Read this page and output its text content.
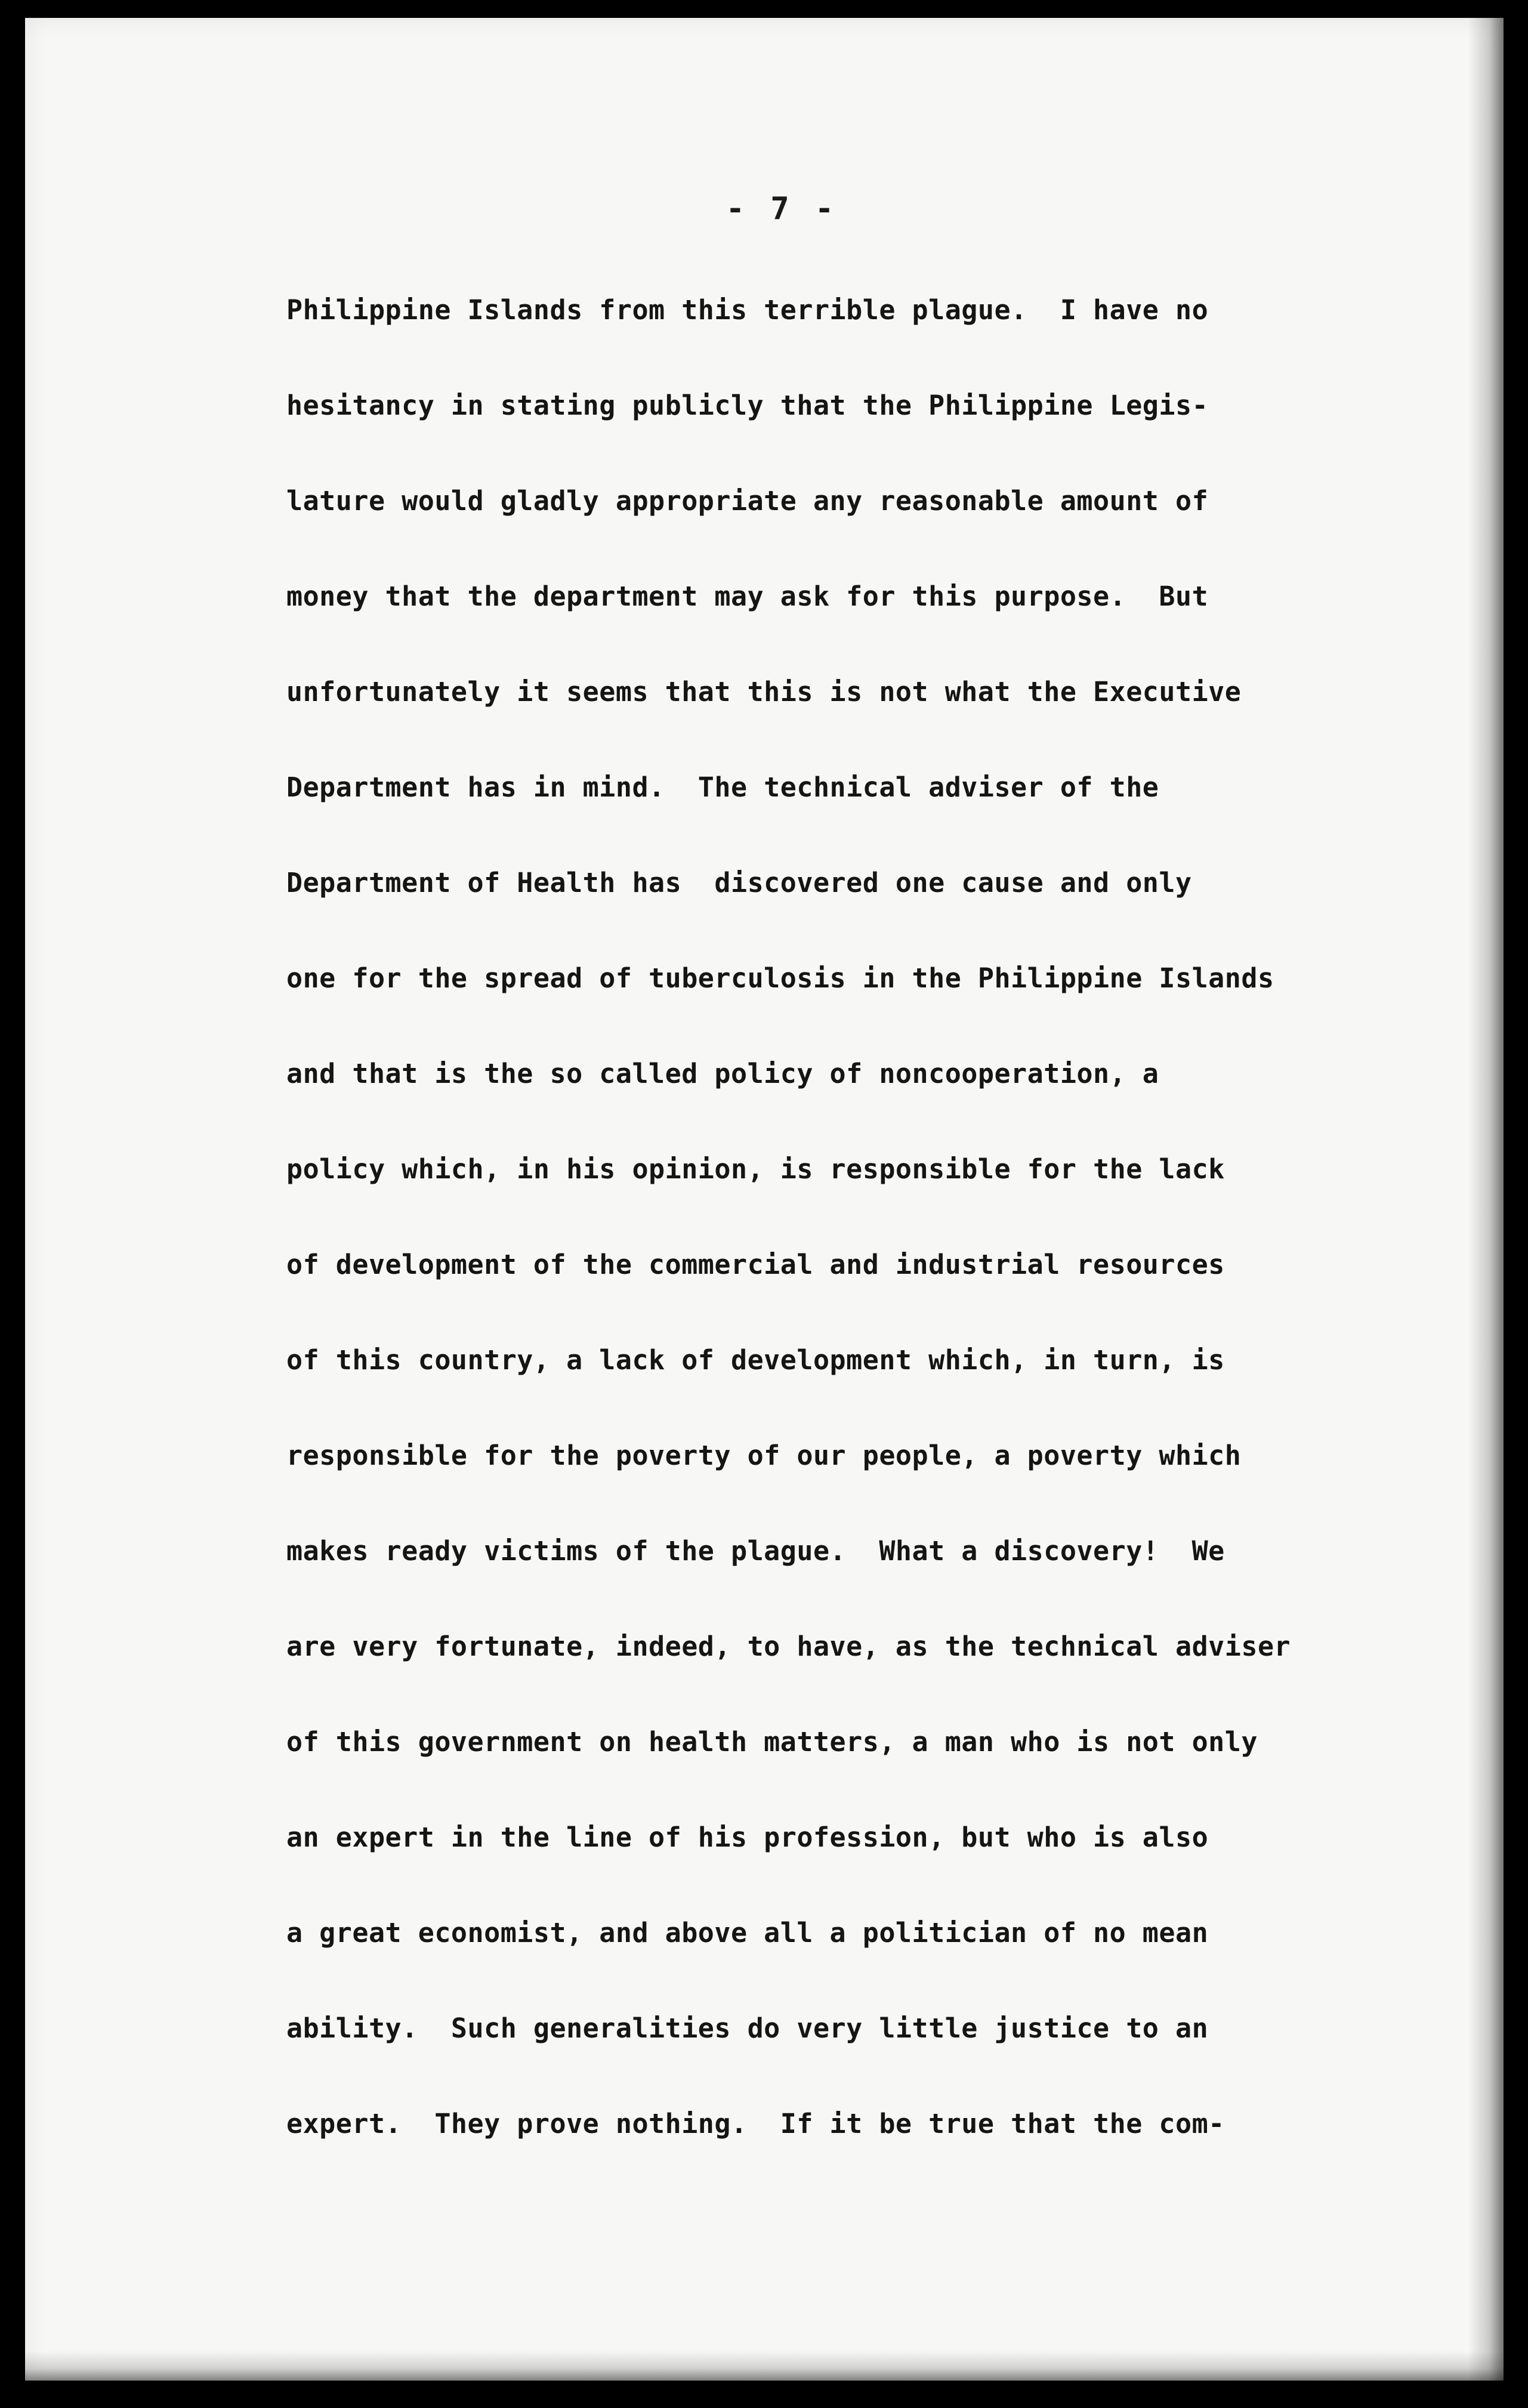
- 7 -
Philippine Islands from this terrible plague.  I have no
hesitancy in stating publicly that the Philippine Legis-
lature would gladly appropriate any reasonable amount of
money that the department may ask for this purpose.  But
unfortunately it seems that this is not what the Executive
Department has in mind.  The technical adviser of the
Department of Health has  discovered one cause and only
one for the spread of tuberculosis in the Philippine Islands
and that is the so called policy of noncooperation, a
policy which, in his opinion, is responsible for the lack
of development of the commercial and industrial resources
of this country, a lack of development which, in turn, is
responsible for the poverty of our people, a poverty which
makes ready victims of the plague.  What a discovery!  We
are very fortunate, indeed, to have, as the technical adviser
of this government on health matters, a man who is not only
an expert in the line of his profession, but who is also
a great economist, and above all a politician of no mean
ability.  Such generalities do very little justice to an
expert.  They prove nothing.  If it be true that the com-
